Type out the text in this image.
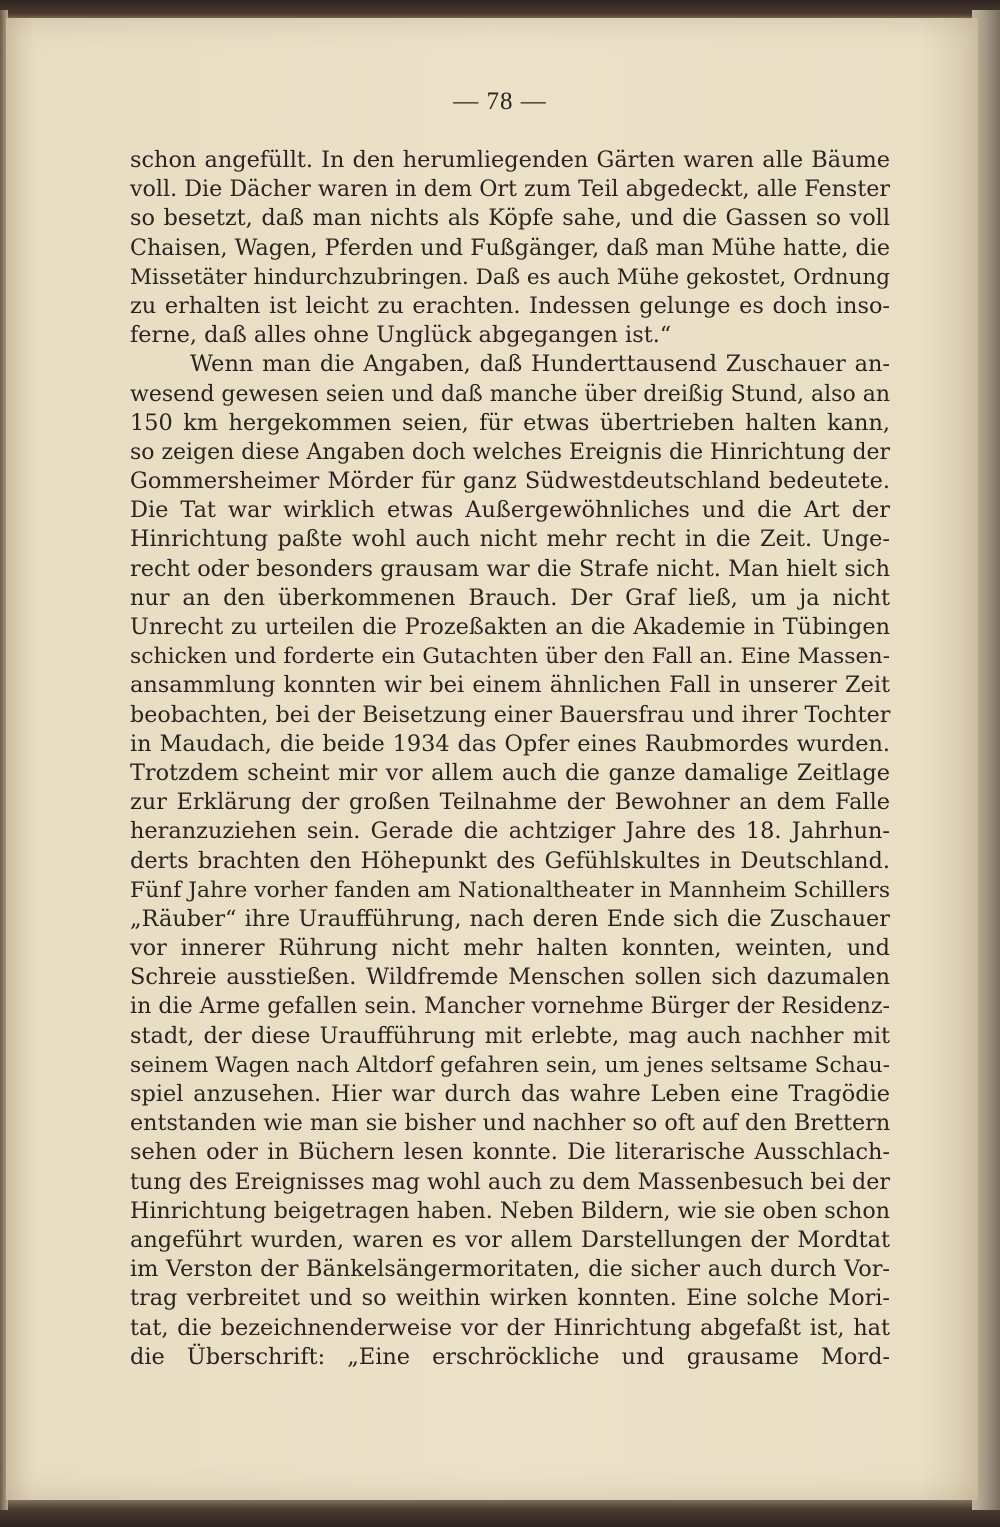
— 78 —
schon angefüllt. In den herumliegenden Gärten waren alle Bäume
voll. Die Dächer waren in dem Ort zum Teil abgedeckt, alle Fenster
so besetzt, daß man nichts als Köpfe sahe, und die Gassen so voll
Chaisen, Wagen, Pferden und Fußgänger, daß man Mühe hatte, die
Missetäter hindurchzubringen. Daß es auch Mühe gekostet, Ordnung
zu erhalten ist leicht zu erachten. Indessen gelunge es doch inso-
ferne, daß alles ohne Unglück abgegangen ist.“
Wenn man die Angaben, daß Hunderttausend Zuschauer an-
wesend gewesen seien und daß manche über dreißig Stund, also an
150 km hergekommen seien, für etwas übertrieben halten kann,
so zeigen diese Angaben doch welches Ereignis die Hinrichtung der
Gommersheimer Mörder für ganz Südwestdeutschland bedeutete.
Die Tat war wirklich etwas Außergewöhnliches und die Art der
Hinrichtung paßte wohl auch nicht mehr recht in die Zeit. Unge-
recht oder besonders grausam war die Strafe nicht. Man hielt sich
nur an den überkommenen Brauch. Der Graf ließ, um ja nicht
Unrecht zu urteilen die Prozeßakten an die Akademie in Tübingen
schicken und forderte ein Gutachten über den Fall an. Eine Massen-
ansammlung konnten wir bei einem ähnlichen Fall in unserer Zeit
beobachten, bei der Beisetzung einer Bauersfrau und ihrer Tochter
in Maudach, die beide 1934 das Opfer eines Raubmordes wurden.
Trotzdem scheint mir vor allem auch die ganze damalige Zeitlage
zur Erklärung der großen Teilnahme der Bewohner an dem Falle
heranzuziehen sein. Gerade die achtziger Jahre des 18. Jahrhun-
derts brachten den Höhepunkt des Gefühlskultes in Deutschland.
Fünf Jahre vorher fanden am Nationaltheater in Mannheim Schillers
„Räuber“ ihre Uraufführung, nach deren Ende sich die Zuschauer
vor innerer Rührung nicht mehr halten konnten, weinten, und
Schreie ausstießen. Wildfremde Menschen sollen sich dazumalen
in die Arme gefallen sein. Mancher vornehme Bürger der Residenz-
stadt, der diese Uraufführung mit erlebte, mag auch nachher mit
seinem Wagen nach Altdorf gefahren sein, um jenes seltsame Schau-
spiel anzusehen. Hier war durch das wahre Leben eine Tragödie
entstanden wie man sie bisher und nachher so oft auf den Brettern
sehen oder in Büchern lesen konnte. Die literarische Ausschlach-
tung des Ereignisses mag wohl auch zu dem Massenbesuch bei der
Hinrichtung beigetragen haben. Neben Bildern, wie sie oben schon
angeführt wurden, waren es vor allem Darstellungen der Mordtat
im Verston der Bänkelsängermoritaten, die sicher auch durch Vor-
trag verbreitet und so weithin wirken konnten. Eine solche Mori-
tat, die bezeichnenderweise vor der Hinrichtung abgefaßt ist, hat
die Überschrift: „Eine erschröckliche und grausame Mord-
